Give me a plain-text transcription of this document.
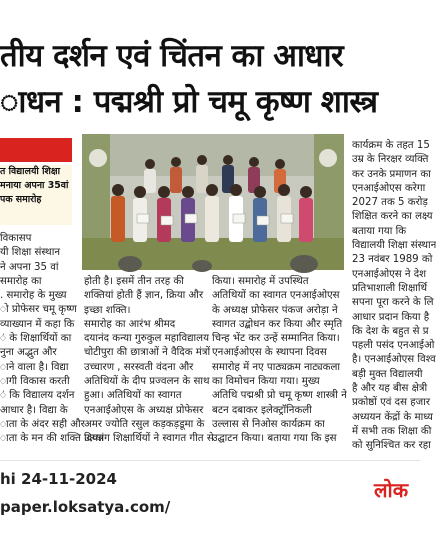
तीय दर्शन एवं चिंतन का आधार
ाधन : पद्मश्री प्रो चमू कृष्ण शास्त्र

त विद्यालयी शिक्षा

मनाया अपना 35वां

पक समारोह

विकासप

यी शिक्षा संस्थान

ने अपना 35 वां

समारोह का

. समारोह के मुख्य

ो प्रोफेसर चमू कृष्ण

व्याख्यान में कहा कि

ं के शिक्षार्थियों का

नुना अद्भुत और

ाने वाला है। विद्या

ागी विकास करती

ं कि विद्यालय दर्शन

आधार है। विद्या के

ाता के अंदर सही और

ाता के मन की शक्ति उत्पन्न

होती है। इसमें तीन तरह की

शक्तियां होती हैं ज्ञान, क्रिया और

इच्छा शक्ति।

समारोह का आरंभ श्रीमद

दयानंद कन्या गुरुकुल महाविद्यालय

चोटीपुरा की छात्राओं ने वैदिक मंत्रों

उच्चारण , सरस्वती वंदना और

अतिथियों के दीप प्रज्वलन के साथ

हुआ। अतिथियों का स्वागत

एनआईओएस के अध्यक्ष प्रोफेसर

अमर ज्योति रसुल कड़कड़डूमा के

दिव्यांग शिक्षार्थियों ने स्वागत गीत से

किया। समारोह में उपस्थित

अतिथियों का स्वागत एनआईओएस

के अध्यक्ष प्रोफेसर पंकज अरोड़ा ने

स्वागत उद्बोधन कर किया और स्मृति

चिन्ह भेंट कर उन्हें सम्मानित किया।

एनआईओएस के स्थापना दिवस

समारोह में नए पाठ्यक्रम नाट्यकला

का विमोचन किया गया। मुख्य

अतिथि पद्मश्री प्रो चमू कृष्ण शास्त्री ने

बटन दबाकर इलेक्ट्रॉनिकली

उल्लास से निओस कार्यक्रम का

उद्घाटन किया। बताया गया कि इस

कार्यक्रम के तहत 15

उम्र के निरक्षर व्यक्ति

कर उनके प्रमाणन का

एनआईओएस करेगा

2027 तक 5 करोड़

शिक्षित करने का लक्ष्य

बताया गया कि

विद्यालयी शिक्षा संस्थान

23 नवंबर 1989 को

एनआईओएस ने देश

प्रतिभाशाली शिक्षार्थि

सपना पूरा करने के लि

आधार प्रदान किया है

कि देश के बहुत से प्र

पहली पसंद एनआईओ

है। एनआईओएस विश्व

बड़ी मुक्त विद्यालयी

है और यह बीस क्षेत्री

प्रकोष्ठों एवं दस हजार

अध्ययन केंद्रों के माध्य

में सभी तक शिक्षा की

को सुनिश्चित कर रहा

hi 24-11-2024
paper.loksatya.com/
लोक
